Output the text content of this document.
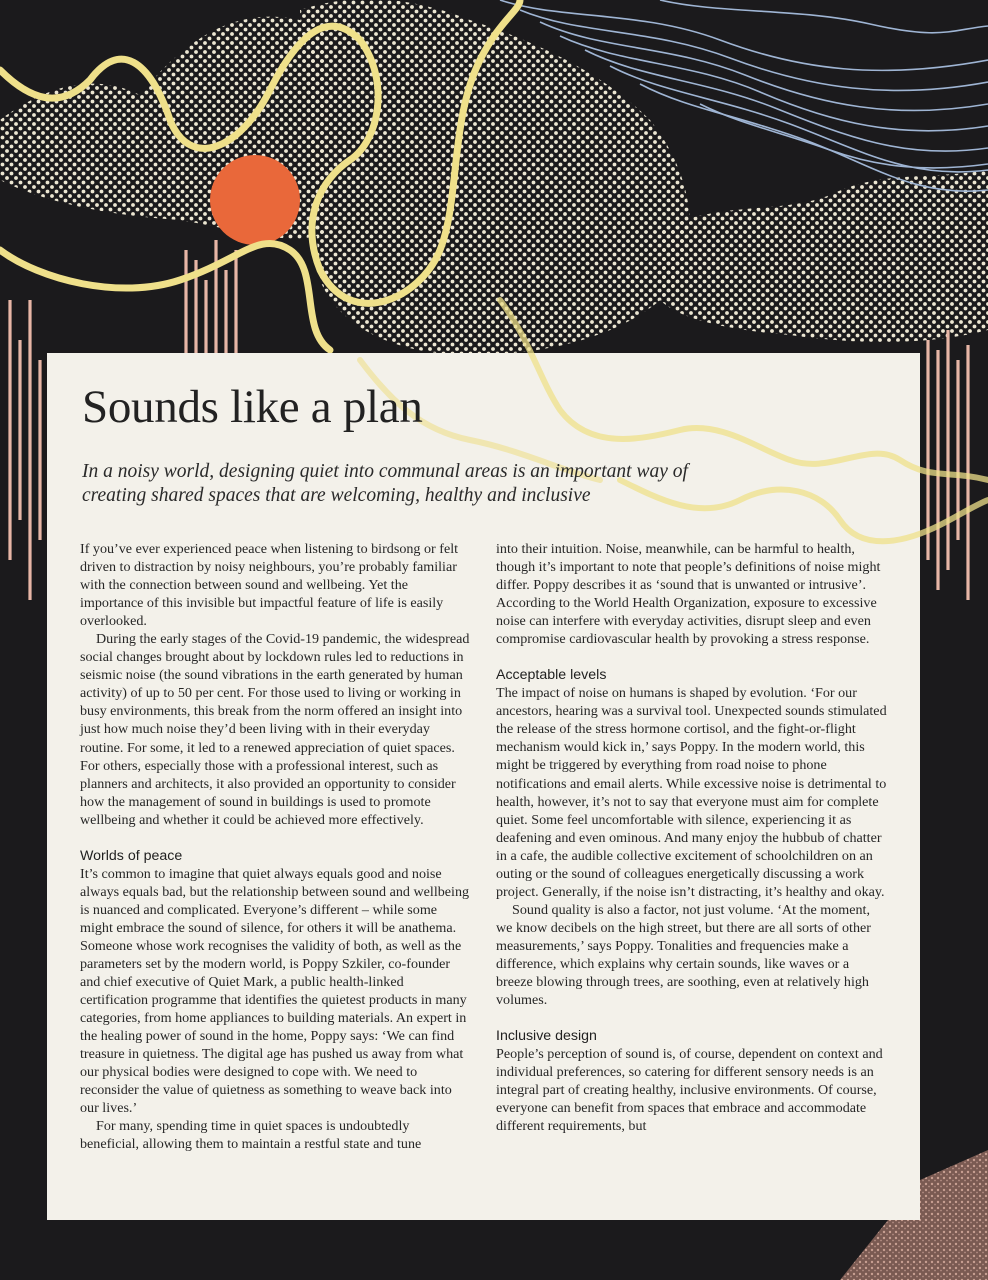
Sounds like a plan

In a noisy world, designing quiet into communal areas is an important way of creating shared spaces that are welcoming, healthy and inclusive

If you’ve ever experienced peace when listening to birdsong or felt driven to distraction by noisy neighbours, you’re probably familiar with the connection between sound and wellbeing. Yet the importance of this invisible but impactful feature of life is easily overlooked.

During the early stages of the Covid-19 pandemic, the widespread social changes brought about by lockdown rules led to reductions in seismic noise (the sound vibrations in the earth generated by human activity) of up to 50 per cent. For those used to living or working in busy environments, this break from the norm offered an insight into just how much noise they’d been living with in their everyday routine. For some, it led to a renewed appreciation of quiet spaces. For others, especially those with a professional interest, such as planners and architects, it also provided an opportunity to consider how the management of sound in buildings is used to promote wellbeing and whether it could be achieved more effectively.

Worlds of peace

It’s common to imagine that quiet always equals good and noise always equals bad, but the relationship between sound and wellbeing is nuanced and complicated. Everyone’s different – while some might embrace the sound of silence, for others it will be anathema. Someone whose work recognises the validity of both, as well as the parameters set by the modern world, is Poppy Szkiler, co-founder and chief executive of Quiet Mark, a public health-linked certification programme that identifies the quietest products in many categories, from home appliances to building materials. An expert in the healing power of sound in the home, Poppy says: ‘We can find treasure in quietness. The digital age has pushed us away from what our physical bodies were designed to cope with. We need to reconsider the value of quietness as something to weave back into our lives.’

For many, spending time in quiet spaces is undoubtedly beneficial, allowing them to maintain a restful state and tune

into their intuition. Noise, meanwhile, can be harmful to health, though it’s important to note that people’s definitions of noise might differ. Poppy describes it as ‘sound that is unwanted or intrusive’. According to the World Health Organization, exposure to excessive noise can interfere with everyday activities, disrupt sleep and even compromise cardiovascular health by provoking a stress response.

Acceptable levels

The impact of noise on humans is shaped by evolution. ‘For our ancestors, hearing was a survival tool. Unexpected sounds stimulated the release of the stress hormone cortisol, and the fight-or-flight mechanism would kick in,’ says Poppy. In the modern world, this might be triggered by everything from road noise to phone notifications and email alerts. While excessive noise is detrimental to health, however, it’s not to say that everyone must aim for complete quiet. Some feel uncomfortable with silence, experiencing it as deafening and even ominous. And many enjoy the hubbub of chatter in a cafe, the audible collective excitement of schoolchildren on an outing or the sound of colleagues energetically discussing a work project. Generally, if the noise isn’t distracting, it’s healthy and okay.

Sound quality is also a factor, not just volume. ‘At the moment, we know decibels on the high street, but there are all sorts of other measurements,’ says Poppy. Tonalities and frequencies make a difference, which explains why certain sounds, like waves or a breeze blowing through trees, are soothing, even at relatively high volumes.

Inclusive design

People’s perception of sound is, of course, dependent on context and individual preferences, so catering for different sensory needs is an integral part of creating healthy, inclusive environments. Of course, everyone can benefit from spaces that embrace and accommodate different requirements, but
